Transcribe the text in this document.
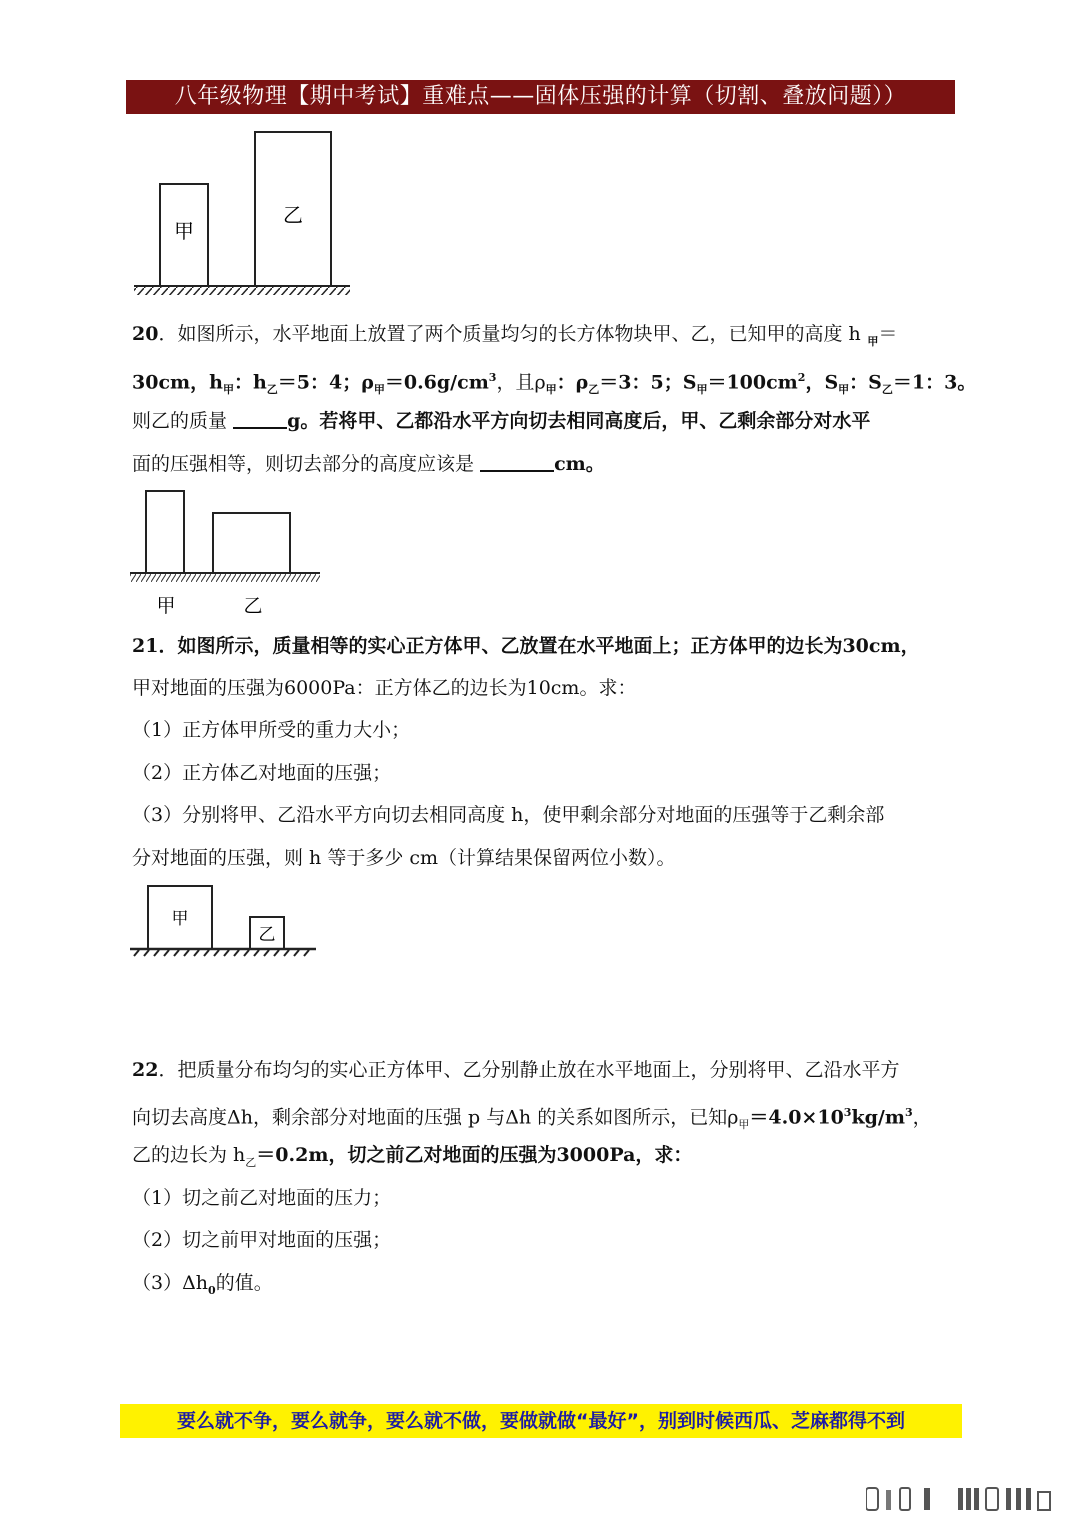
八年级物理【期中考试】重难点——固体压强的计算（切割、叠放问题））
甲
乙
20．如图所示，水平地面上放置了两个质量均匀的长方体物块甲、乙，已知甲的高度 h $_甲$＝
30cm，$h_甲$：$h_乙=5$：4；$\rho_甲=0.6g/cm^3$，且$\rho_甲$：$\rho_乙=3$：5；$S_甲=100cm^2$，$S_甲$：$S_乙=1$：3。
则乙的质量	g。若将甲、乙都沿水平方向切去相同高度后，甲、乙剩余部分对水平
面的压强相等，则切去部分的高度应该是	cm。
甲	乙
21．如图所示，质量相等的实心正方体甲、乙放置在水平地面上；正方体甲的边长为30cm，
甲对地面的压强为6000Pa：正方体乙的边长为10cm。求：
（1）正方体甲所受的重力大小；
（2）正方体乙对地面的压强；
（3）分别将甲、乙沿水平方向切去相同高度 h，使甲剩余部分对地面的压强等于乙剩余部
分对地面的压强，则 h 等于多少 cm（计算结果保留两位小数）。
甲
乙
22．把质量分布均匀的实心正方体甲、乙分别静止放在水平地面上，分别将甲、乙沿水平方
向切去高度Δh，剩余部分对地面的压强 p 与Δh 的关系如图所示，已知$\rho_甲=4.0\times 10^3kg/m^3$，
乙的边长为 $h_乙=0.2m$，切之前乙对地面的压强为3000Pa，求：
（1）切之前乙对地面的压力；
（2）切之前甲对地面的压强；
$(3)\Delta h_0$的值。
要么就不争，要么就争，要么就不做，要做就做“最好”，别到时候西瓜、芝麻都得不到
